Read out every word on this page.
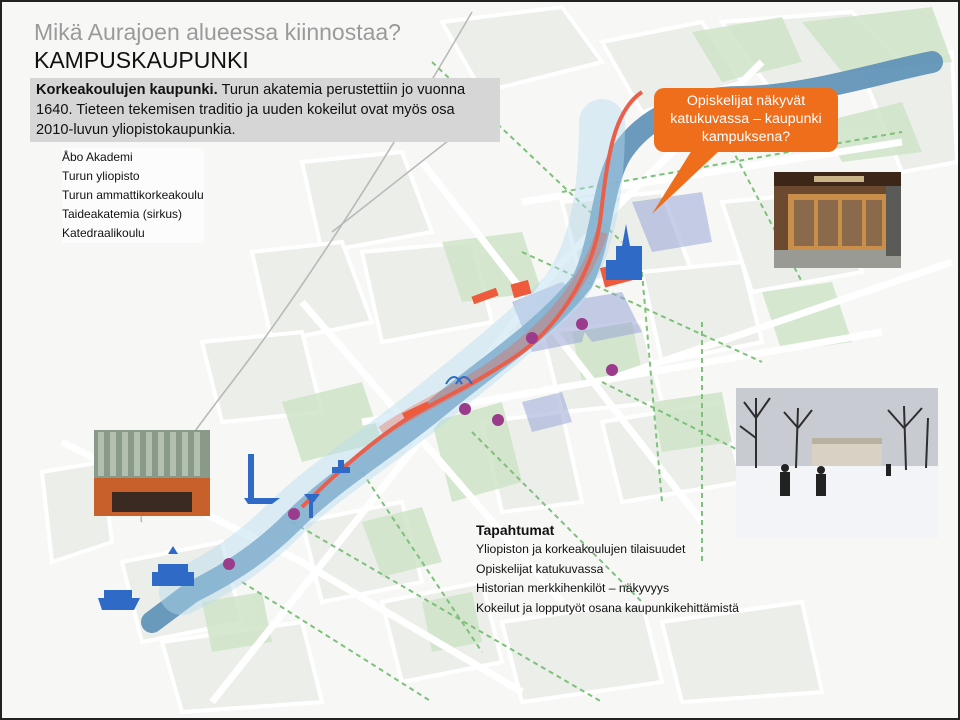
Mikä Aurajoen alueessa kiinnostaa?
KAMPUSKAUPUNKI
Korkeakoulujen kaupunki. Turun akatemia perustettiin jo vuonna
1640. Tieteen tekemisen traditio ja uuden kokeilut ovat myös osa
2010-luvun yliopistokaupunkia.
Åbo Akademi
Turun yliopisto
Turun ammattikorkeakoulu
Taideakatemia (sirkus)
Katedraalikoulu
Opiskelijat näkyvät
katukuvassa – kaupunki
kampuksena?
Tapahtumat
Yliopiston ja korkeakoulujen tilaisuudet
Opiskelijat katukuvassa
Historian merkkihenkilöt – näkyvyys
Kokeilut ja lopputyöt osana kaupunkikehittämistä
